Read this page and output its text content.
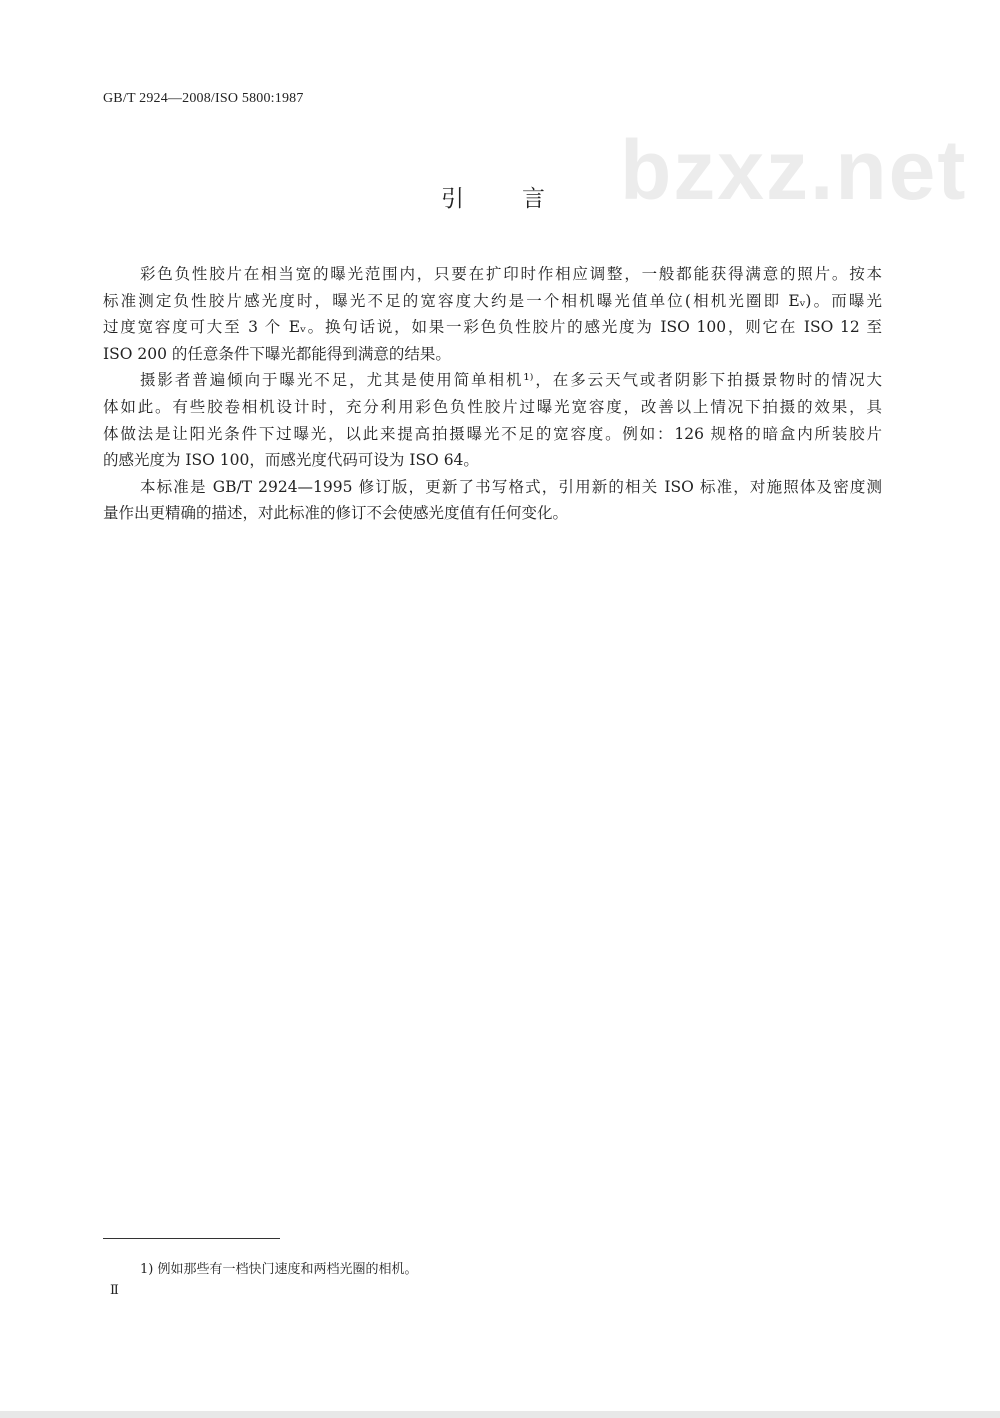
GB/T 2924—2008/ISO 5800:1987
bzxz.net
引言
彩色负性胶片在相当宽的曝光范围内，只要在扩印时作相应调整，一般都能获得满意的照片。按本
标准测定负性胶片感光度时，曝光不足的宽容度大约是一个相机曝光值单位(相机光圈即 Eᵥ)。而曝光
过度宽容度可大至 3 个 Eᵥ。换句话说，如果一彩色负性胶片的感光度为 ISO 100，则它在 ISO 12 至
ISO 200 的任意条件下曝光都能得到满意的结果。
摄影者普遍倾向于曝光不足，尤其是使用简单相机¹⁾，在多云天气或者阴影下拍摄景物时的情况大
体如此。有些胶卷相机设计时，充分利用彩色负性胶片过曝光宽容度，改善以上情况下拍摄的效果，具
体做法是让阳光条件下过曝光，以此来提高拍摄曝光不足的宽容度。例如：126 规格的暗盒内所装胶片
的感光度为 ISO 100，而感光度代码可设为 ISO 64。
本标准是 GB/T 2924—1995 修订版，更新了书写格式，引用新的相关 ISO 标准，对施照体及密度测
量作出更精确的描述，对此标准的修订不会使感光度值有任何变化。
1) 例如那些有一档快门速度和两档光圈的相机。
Ⅱ
